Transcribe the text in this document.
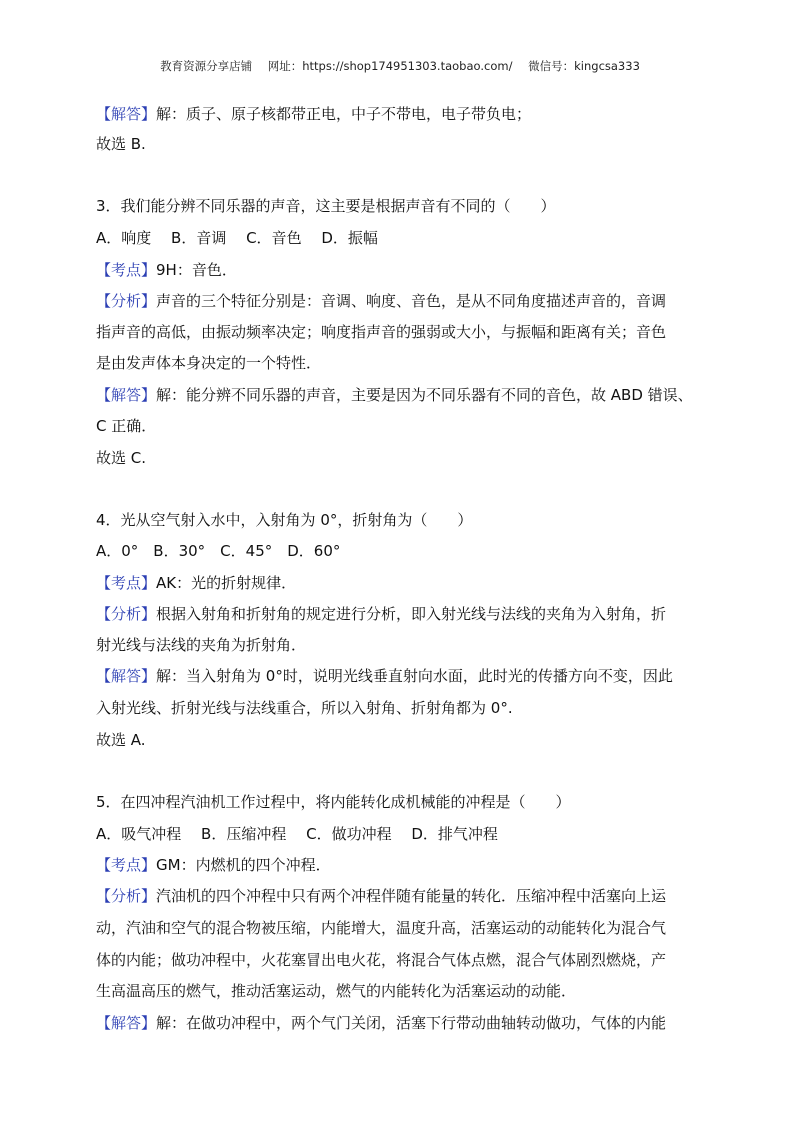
教育资源分享店铺 网址：https://shop174951303.taobao.com/ 微信号：kingcsa333
【解答】解：质子、原子核都带正电，中子不带电，电子带负电；
故选 B.
3．我们能分辨不同乐器的声音，这主要是根据声音有不同的（　　）
A．响度　 B．音调　 C．音色　 D．振幅
【考点】9H：音色．
【分析】声音的三个特征分别是：音调、响度、音色，是从不同角度描述声音的，音调
指声音的高低，由振动频率决定；响度指声音的强弱或大小，与振幅和距离有关；音色
是由发声体本身决定的一个特性．
【解答】解：能分辨不同乐器的声音，主要是因为不同乐器有不同的音色，故 ABD 错误、
C 正确．
故选 C.
4．光从空气射入水中，入射角为 0°，折射角为（　　）
A．0°　B．30°　C．45°　D．60°
【考点】AK：光的折射规律．
【分析】根据入射角和折射角的规定进行分析，即入射光线与法线的夹角为入射角，折
射光线与法线的夹角为折射角．
【解答】解：当入射角为 0°时，说明光线垂直射向水面，此时光的传播方向不变，因此
入射光线、折射光线与法线重合，所以入射角、折射角都为 0°.
故选 A.
5．在四冲程汽油机工作过程中，将内能转化成机械能的冲程是（　　）
A．吸气冲程　 B．压缩冲程　 C．做功冲程　 D．排气冲程
【考点】GM：内燃机的四个冲程．
【分析】汽油机的四个冲程中只有两个冲程伴随有能量的转化．压缩冲程中活塞向上运
动，汽油和空气的混合物被压缩，内能增大，温度升高，活塞运动的动能转化为混合气
体的内能；做功冲程中，火花塞冒出电火花，将混合气体点燃，混合气体剧烈燃烧，产
生高温高压的燃气，推动活塞运动，燃气的内能转化为活塞运动的动能．
【解答】解：在做功冲程中，两个气门关闭，活塞下行带动曲轴转动做功，气体的内能
